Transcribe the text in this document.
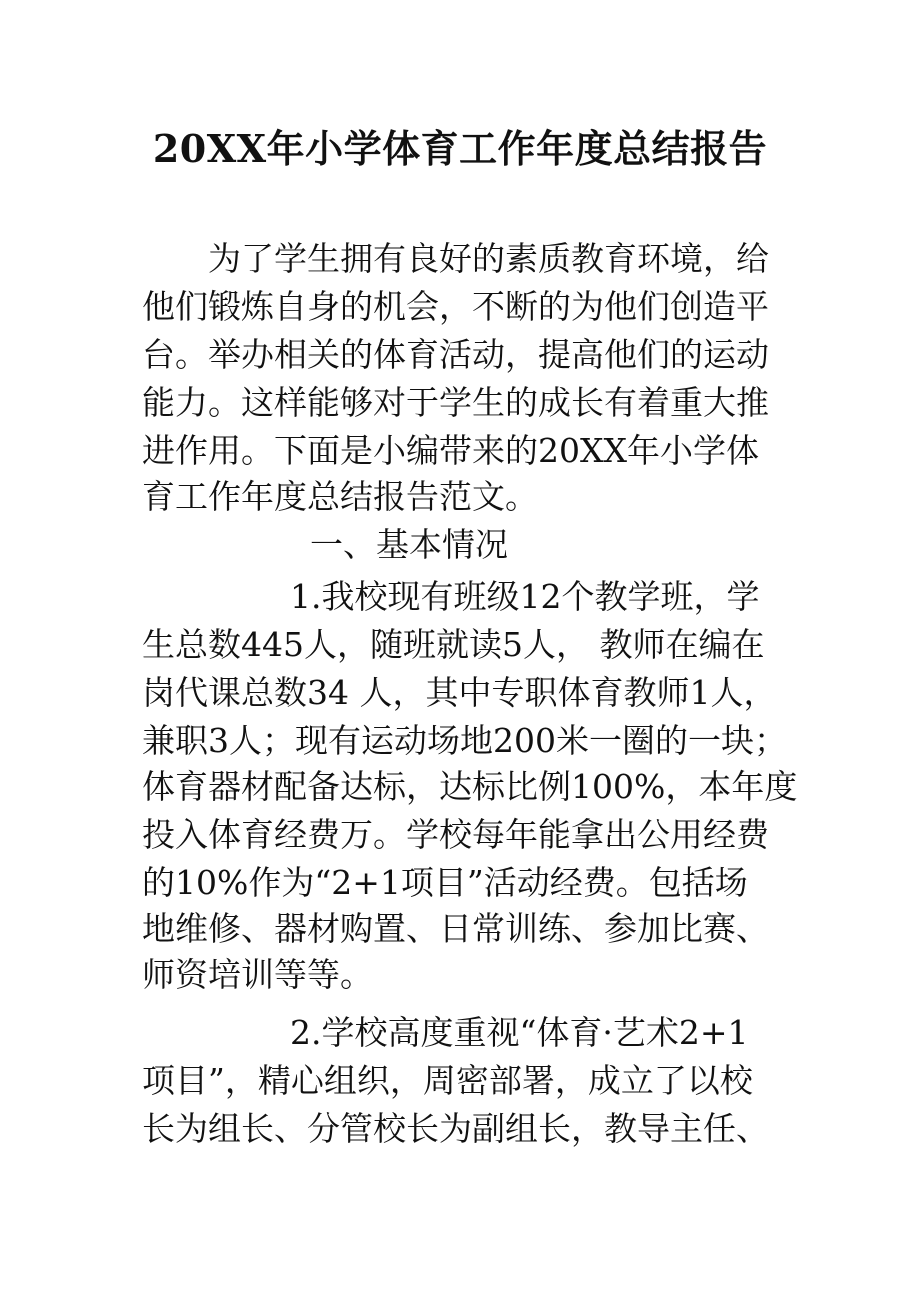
20XX年小学体育工作年度总结报告
为了学生拥有良好的素质教育环境，给
他们锻炼自身的机会，不断的为他们创造平
台。举办相关的体育活动，提高他们的运动
能力。这样能够对于学生的成长有着重大推
进作用。下面是小编带来的20XX年小学体
育工作年度总结报告范文。
一、基本情况
1.我校现有班级12个教学班，学
生总数445人，随班就读5人， 教师在编在
岗代课总数34 人，其中专职体育教师1人，
兼职3人；现有运动场地200米一圈的一块；
体育器材配备达标，达标比例100%，本年度
投入体育经费万。学校每年能拿出公用经费
的10%作为“2+1项目”活动经费。包括场
地维修、器材购置、日常训练、参加比赛、
师资培训等等。
2.学校高度重视“体育·艺术2+1
项目”，精心组织，周密部署，成立了以校
长为组长、分管校长为副组长，教导主任、
